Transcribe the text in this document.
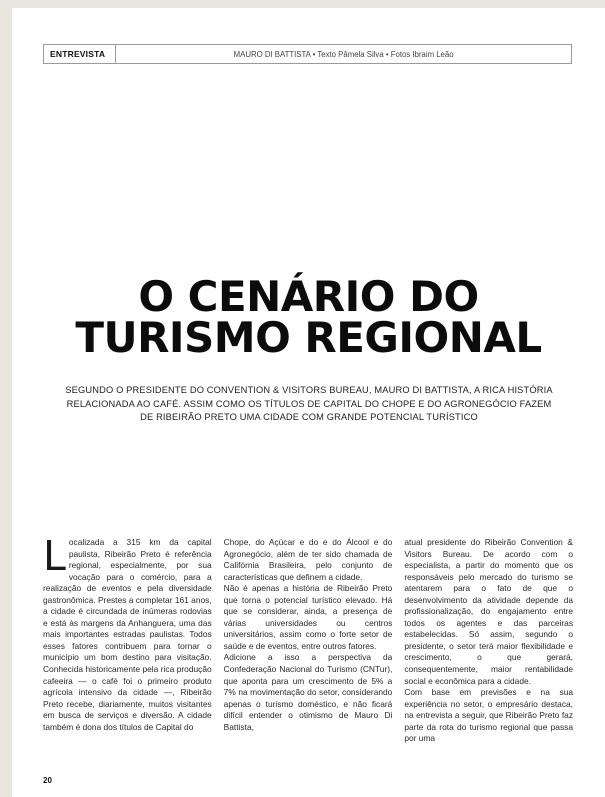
ENTREVISTA	MAURO DI BATTISTA • Texto Pâmela Silva • Fotos Ibraim Leão
O CENÁRIO DO
TURISMO REGIONAL

SEGUNDO O PRESIDENTE DO CONVENTION & VISITORS BUREAU, MAURO DI BATTISTA, A RICA HISTÓRIA RELACIONADA AO CAFÉ. ASSIM COMO OS TÍTULOS DE CAPITAL DO CHOPE E DO AGRONEGÓCIO FAZEM DE RIBEIRÃO PRETO UMA CIDADE COM GRANDE POTENCIAL TURÍSTICO

Localizada a 315 km da capital paulista, Ribeirão Preto é referência regional, especialmente, por sua vocação para o comércio, para a realização de eventos e pela diversidade gastronômica. Prestes a completar 161 anos, a cidade é circundada de inúmeras rodovias e está às margens da Anhanguera, uma das mais importantes estradas paulistas. Todos esses fatores contribuem para tornar o município um bom destino para visitação. Conhecida historicamente pela rica produção cafeeira — o café foi o primeiro produto agrícola intensivo da cidade —, Ribeirão Preto recebe, diariamente, muitos visitantes em busca de serviços e diversão. A cidade também é dona dos títulos de Capital do

Chope, do Açúcar e do e do Álcool e do Agronegócio, além de ter sido chamada de Califórnia Brasileira, pelo conjunto de características que definem a cidade.

Não é apenas a história de Ribeirão Preto que torna o potencial turístico elevado. Há que se considerar, ainda, a presença de várias universidades ou centros universitários, assim como o forte setor de saúde e de eventos, entre outros fatores.

Adicione a isso a perspectiva da Confederação Nacional do Turismo (CNTur), que aponta para um crescimento de 5% a 7% na movimentação do setor, considerando apenas o turismo doméstico, e não ficará difícil entender o otimismo de Mauro Di Battista,

atual presidente do Ribeirão Convention & Visitors Bureau. De acordo com o especialista, a partir do momento que os responsáveis pelo mercado do turismo se atentarem para o fato de que o desenvolvimento da atividade depende da profissionalização, do engajamento entre todos os agentes e das parceiras estabelecidas. Só assim, segundo o presidente, o setor terá maior flexibilidade e crescimento, o que gerará, consequentemente, maior rentabilidade social e econômica para a cidade.

Com base em previsões e na sua experiência no setor, o empresário destaca, na entrevista a seguir, que Ribeirão Preto faz parte da rota do turismo regional que passa por uma

20
